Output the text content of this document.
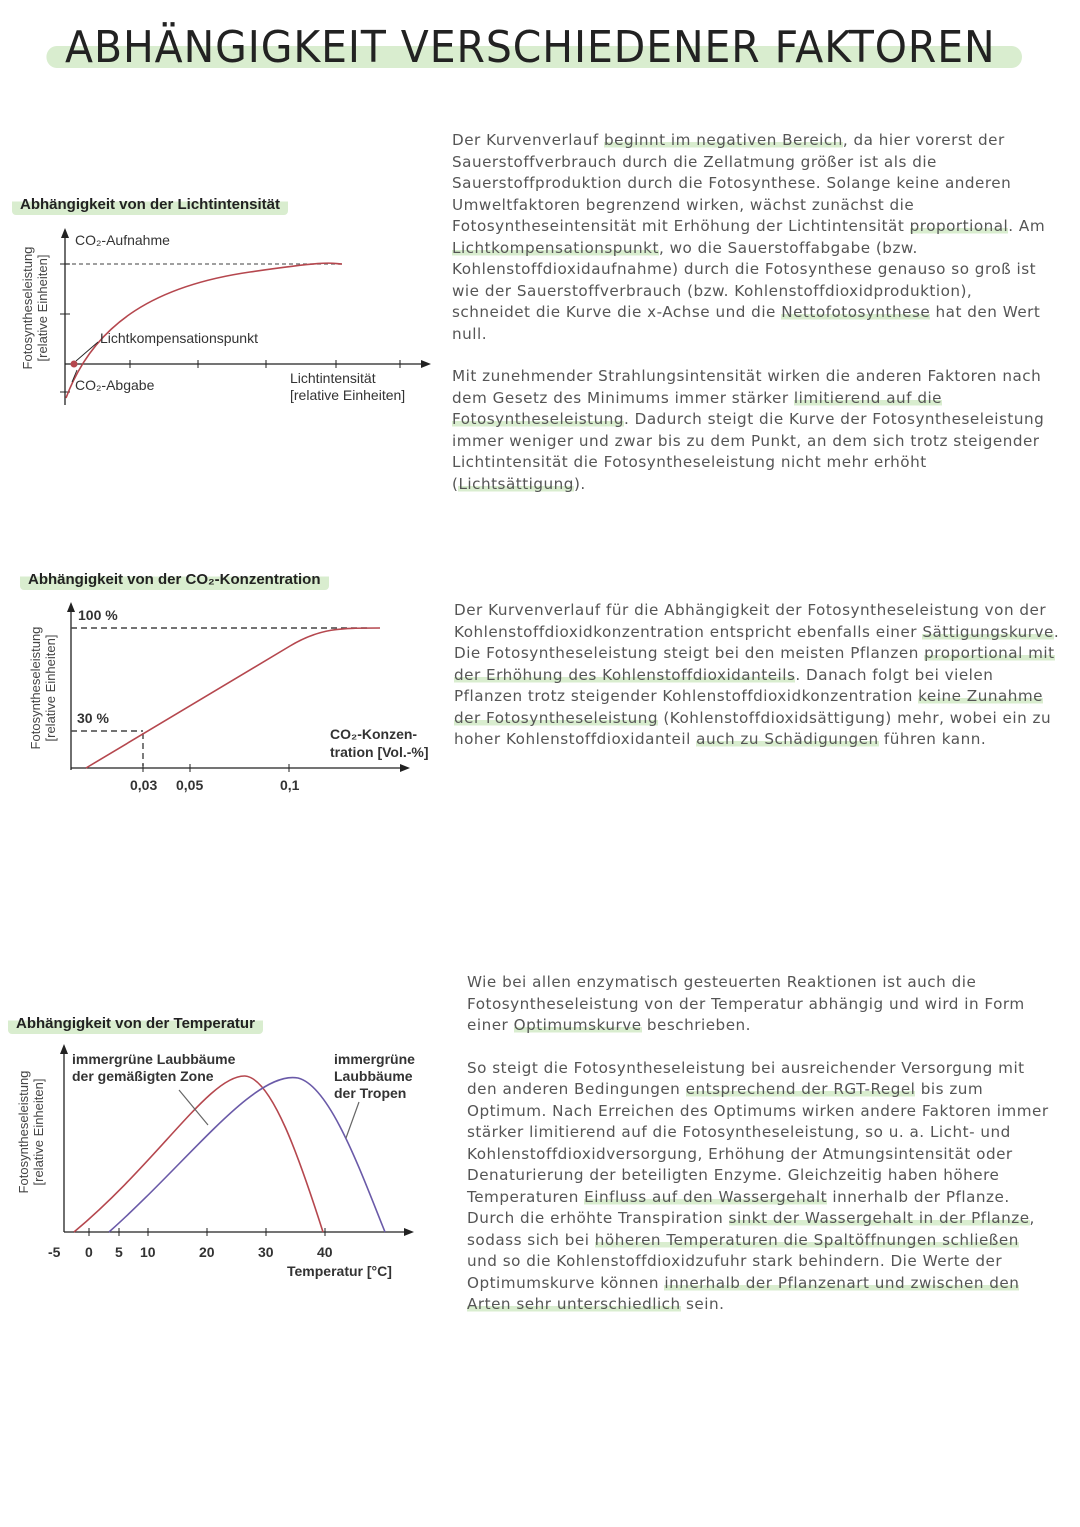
ABHÄNGIGKEIT VERSCHIEDENER FAKTOREN
Abhängigkeit von der Lichtintensität
Fotosyntheseleistung [relative Einheiten]
CO₂-Aufnahme
Lichtkompensationspunkt
CO₂-Abgabe	Lichtintensität
[relative Einheiten]

Der Kurvenverlauf beginnt im negativen Bereich, da hier vorerst der Sauerstoffverbrauch durch die Zellatmung größer ist als die Sauerstoffproduktion durch die Fotosynthese. Solange keine anderen Umweltfaktoren begrenzend wirken, wächst zunächst die Fotosyntheseintensität mit Erhöhung der Lichtintensität proportional. Am Lichtkompensationspunkt, wo die Sauerstoffabgabe (bzw. Kohlenstoffdioxidaufnahme) durch die Fotosynthese genauso so groß ist wie der Sauerstoffverbrauch (bzw. Kohlenstoffdioxidproduktion), schneidet die Kurve die x-Achse und die Nettofotosynthese hat den Wert null.

Mit zunehmender Strahlungsintensität wirken die anderen Faktoren nach dem Gesetz des Minimums immer stärker limitierend auf die Fotosyntheseleistung. Dadurch steigt die Kurve der Fotosyntheseleistung immer weniger und zwar bis zu dem Punkt, an dem sich trotz steigender Lichtintensität die Fotosyntheseleistung nicht mehr erhöht (Lichtsättigung).

Abhängigkeit von der CO₂-Konzentration
Fotosyntheseleistung [relative Einheiten]
100 %
30 %
0,03 0,05	0,1
CO₂-Konzen-
tration [Vol.-%]

Der Kurvenverlauf für die Abhängigkeit der Fotosyntheseleistung von der Kohlenstoffdioxidkonzentration entspricht ebenfalls einer Sättigungskurve. Die Fotosyntheseleistung steigt bei den meisten Pflanzen proportional mit der Erhöhung des Kohlenstoffdioxidanteils. Danach folgt bei vielen Pflanzen trotz steigender Kohlenstoffdioxidkonzentration keine Zunahme der Fotosyntheseleistung (Kohlenstoffdioxidsättigung) mehr, wobei ein zu hoher Kohlenstoffdioxidanteil auch zu Schädigungen führen kann.

Abhängigkeit von der Temperatur
Fotosyntheseleistung [relative Einheiten]
immergrüne Laubbäume
der gemäßigten Zone
immergrüne
Laubbäume
der Tropen
-5 0 5 10	20	30	40
Temperatur [°C]

Wie bei allen enzymatisch gesteuerten Reaktionen ist auch die Fotosyntheseleistung von der Temperatur abhängig und wird in Form einer Optimumskurve beschrieben.

So steigt die Fotosyntheseleistung bei ausreichender Versorgung mit den anderen Bedingungen entsprechend der RGT-Regel bis zum Optimum. Nach Erreichen des Optimums wirken andere Faktoren immer stärker limitierend auf die Fotosyntheseleistung, so u. a. Licht- und Kohlenstoffdioxidversorgung, Erhöhung der Atmungsintensität oder Denaturierung der beteiligten Enzyme. Gleichzeitig haben höhere Temperaturen Einfluss auf den Wassergehalt innerhalb der Pflanze. Durch die erhöhte Transpiration sinkt der Wassergehalt in der Pflanze, sodass sich bei höheren Temperaturen die Spaltöffnungen schließen und so die Kohlenstoffdioxidzufuhr stark behindern. Die Werte der Optimumskurve können innerhalb der Pflanzenart und zwischen den Arten sehr unterschiedlich sein.
